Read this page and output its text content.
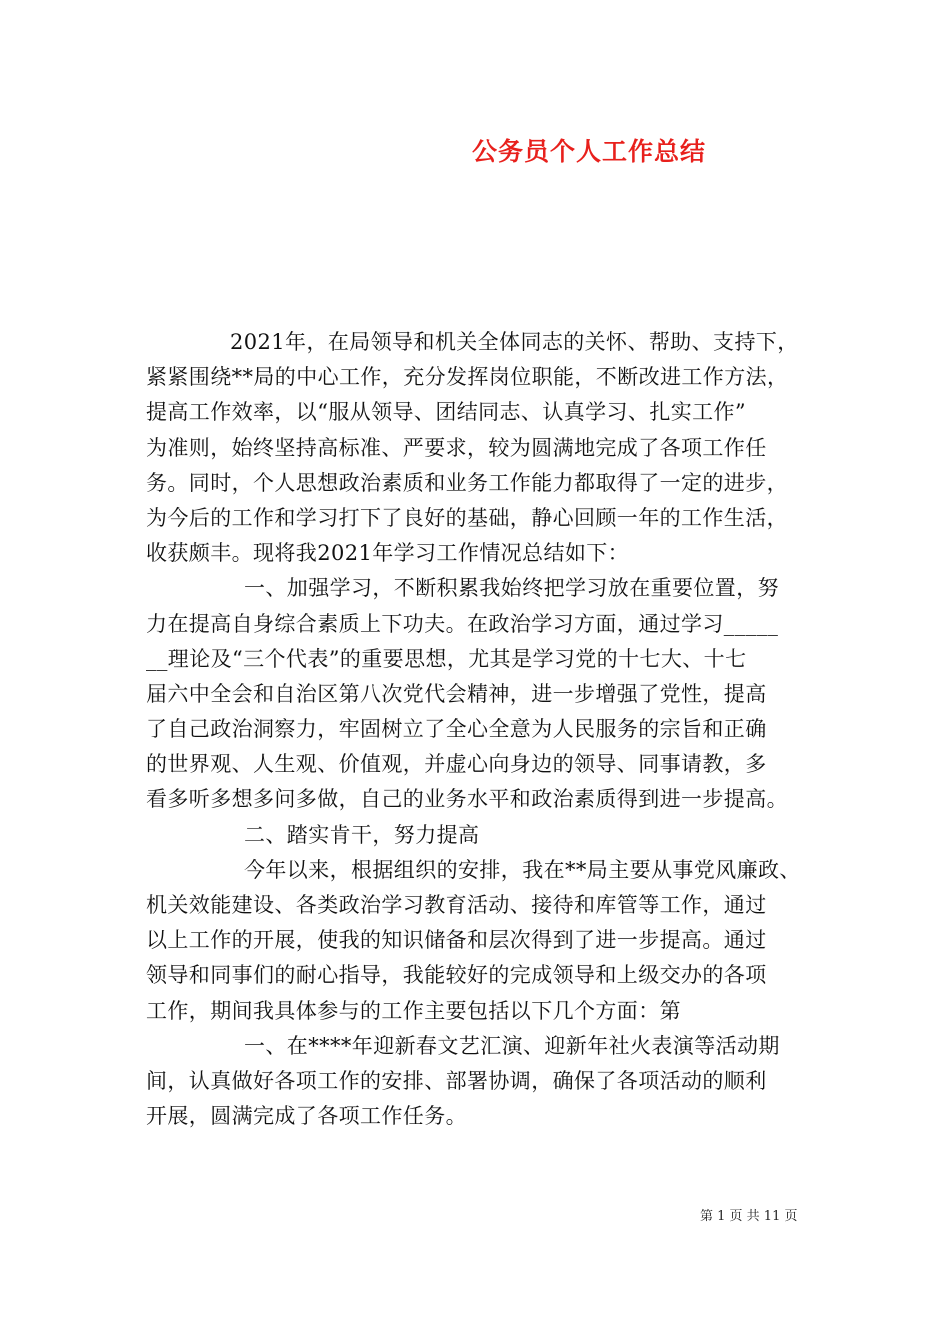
公务员个人工作总结
2021年，在局领导和机关全体同志的关怀、帮助、支持下，
紧紧围绕**局的中心工作，充分发挥岗位职能，不断改进工作方法，
提高工作效率，以“服从领导、团结同志、认真学习、扎实工作”
为准则，始终坚持高标准、严要求，较为圆满地完成了各项工作任
务。同时，个人思想政治素质和业务工作能力都取得了一定的进步，
为今后的工作和学习打下了良好的基础，静心回顾一年的工作生活，
收获颇丰。现将我2021年学习工作情况总结如下：
一、加强学习，不断积累我始终把学习放在重要位置，努
力在提高自身综合素质上下功夫。在政治学习方面，通过学习_____
__理论及“三个代表”的重要思想，尤其是学习党的十七大、十七
届六中全会和自治区第八次党代会精神，进一步增强了党性，提高
了自己政治洞察力，牢固树立了全心全意为人民服务的宗旨和正确
的世界观、人生观、价值观，并虚心向身边的领导、同事请教，多
看多听多想多问多做，自己的业务水平和政治素质得到进一步提高。
二、踏实肯干，努力提高
今年以来，根据组织的安排，我在**局主要从事党风廉政、
机关效能建设、各类政治学习教育活动、接待和库管等工作，通过
以上工作的开展，使我的知识储备和层次得到了进一步提高。通过
领导和同事们的耐心指导，我能较好的完成领导和上级交办的各项
工作，期间我具体参与的工作主要包括以下几个方面：第
一、在****年迎新春文艺汇演、迎新年社火表演等活动期
间，认真做好各项工作的安排、部署协调，确保了各项活动的顺利
开展，圆满完成了各项工作任务。
第 1 页 共 11 页
